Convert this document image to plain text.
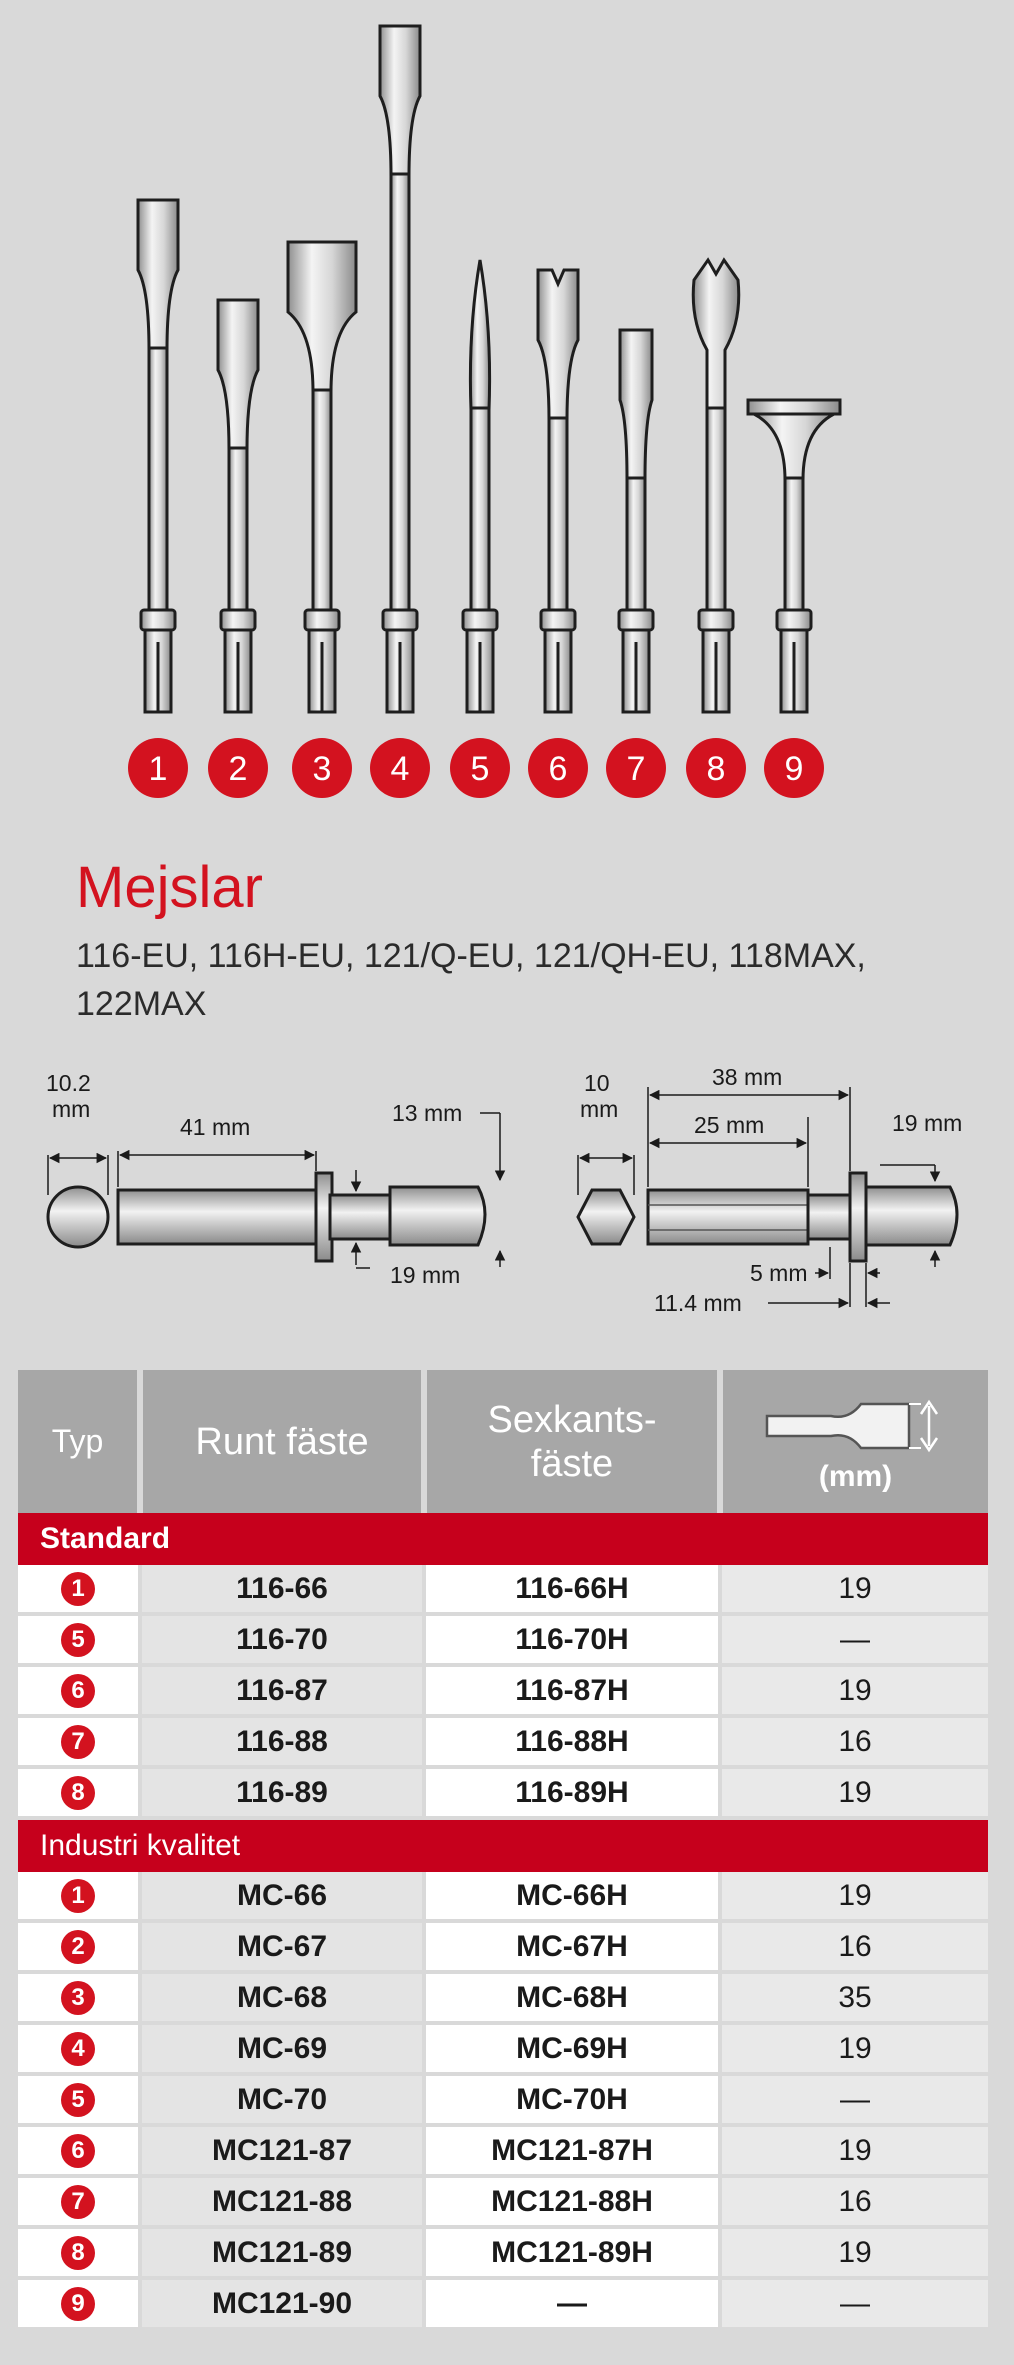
1 2 3 4 5 6 7 8 9
Mejslar
116-EU, 116H-EU, 121/Q-EU, 121/QH-EU, 118MAX, 122MAX
10.2
mm
41 mm
13 mm
19 mm
10
mm
38 mm
25 mm	19 mm
5 mm
11.4 mm
Typ	Runt fäste	Sexkants-
fäste	(mm)
Standard			
1	116-66	116-66H	19
5	116-70	116-70H	—
6	116-87	116-87H	19
7	116-88	116-88H	16
8	116-89	116-89H	19
Industri kvalitet			
1	MC-66	MC-66H	19
2	MC-67	MC-67H	16
3	MC-68	MC-68H	35
4	MC-69	MC-69H	19
5	MC-70	MC-70H	—
6	MC121-87	MC121-87H	19
7	MC121-88	MC121-88H	16
8	MC121-89	MC121-89H	19
9	MC121-90	—	—
